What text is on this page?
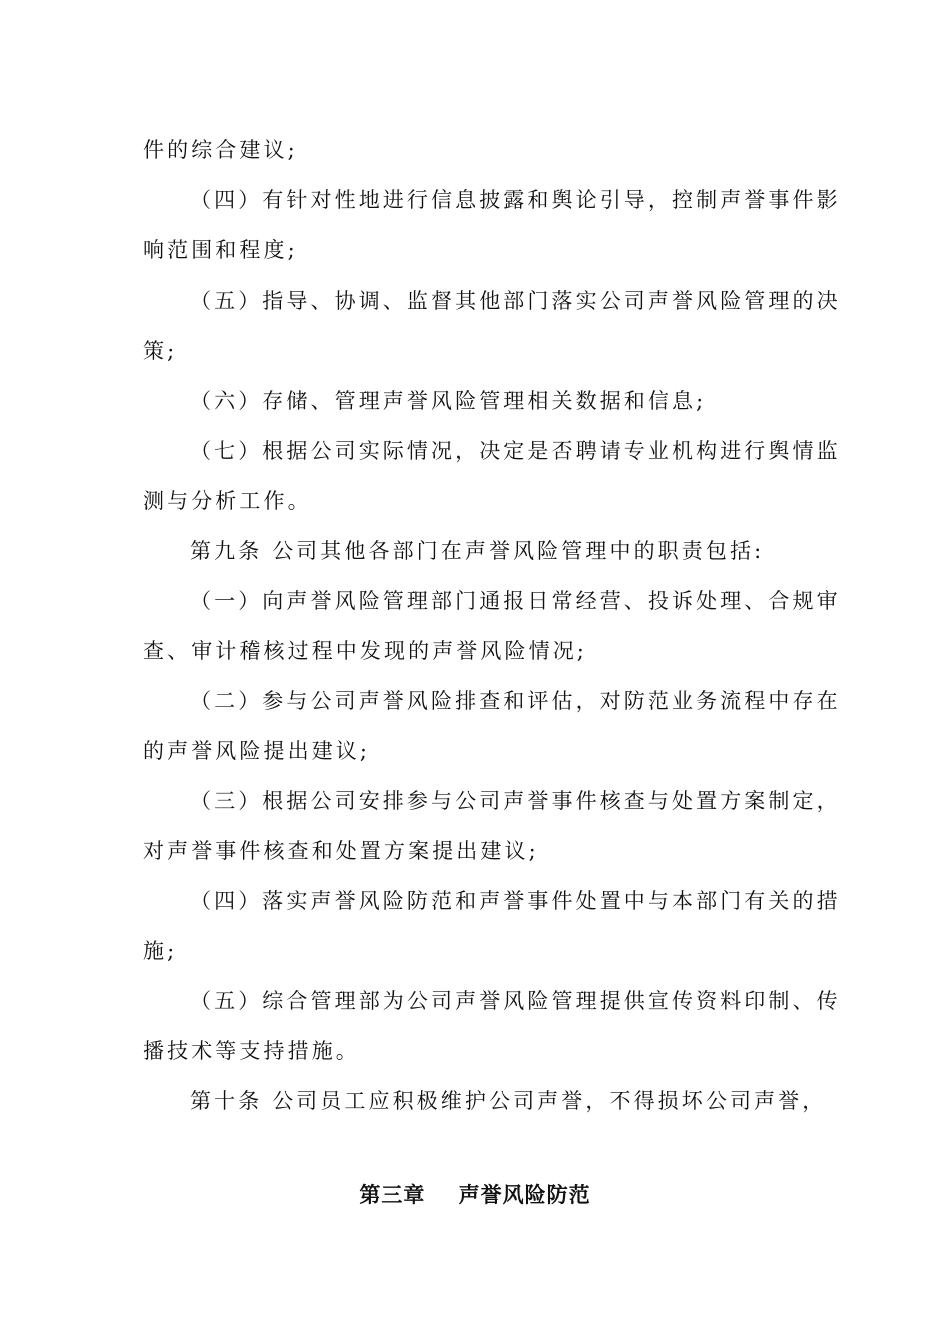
件的综合建议;
（四）有针对性地进行信息披露和舆论引导，控制声誉事件影
响范围和程度;
（五）指导、协调、监督其他部门落实公司声誉风险管理的决
策;
（六）存储、管理声誉风险管理相关数据和信息;
（七）根据公司实际情况，决定是否聘请专业机构进行舆情监
测与分析工作。
第九条 公司其他各部门在声誉风险管理中的职责包括:
（一）向声誉风险管理部门通报日常经营、投诉处理、合规审
查、审计稽核过程中发现的声誉风险情况;
（二）参与公司声誉风险排查和评估，对防范业务流程中存在
的声誉风险提出建议;
（三）根据公司安排参与公司声誉事件核查与处置方案制定，
对声誉事件核查和处置方案提出建议;
（四）落实声誉风险防范和声誉事件处置中与本部门有关的措
施;
（五）综合管理部为公司声誉风险管理提供宣传资料印制、传
播技术等支持措施。
第十条 公司员工应积极维护公司声誉，不得损坏公司声誉，
第三章    声誉风险防范
